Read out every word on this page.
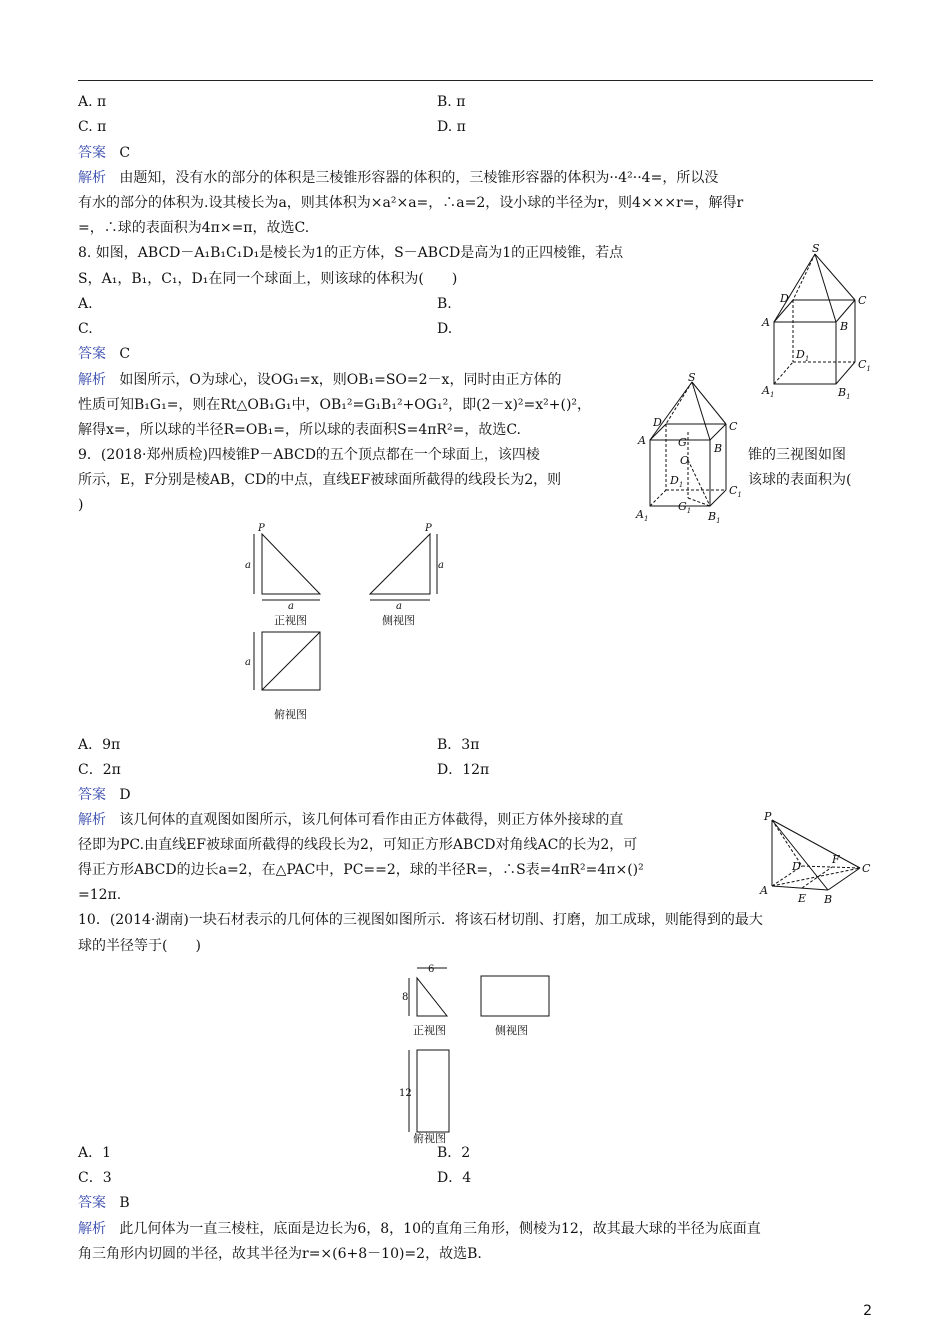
A. π	B. π
C. π	D. π
答案 C
解析 由题知，没有水的部分的体积是三棱锥形容器的体积的，三棱锥形容器的体积为··4²··4=，所以没
有水的部分的体积为.设其棱长为a，则其体积为×a²×a=，∴a=2，设小球的半径为r，则4×××r=，解得r
=，∴球的表面积为4π×=π，故选C.
8. 如图，ABCD－A₁B₁C₁D₁是棱长为1的正方体，S－ABCD是高为1的正四棱锥，若点
S，A₁，B₁，C₁，D₁在同一个球面上，则该球的体积为(　　)
A.	B.
C.	D.
答案 C
解析 如图所示，O为球心，设OG₁=x，则OB₁=SO=2－x，同时由正方体的
性质可知B₁G₁=，则在Rt△OB₁G₁中，OB₁²=G₁B₁²+OG₁²，即(2－x)²=x²+()²，
解得x=，所以球的半径R=OB₁=，所以球的表面积S=4πR²=，故选C.
S
A	B
C
D
$D_1$	$C_1$
$A_1$	$B_1$
S
A
B
C
D
G
O
$D_1$	$C_1$
$A_1$
$G_1$ $B_1$
9．(2018·郑州质检)四棱锥P－ABCD的五个顶点都在一个球面上，该四棱	锥的三视图如图
所示，E，F分别是棱AB，CD的中点，直线EF被球面所截得的线段长为2，则	该球的表面积为(
)
P	P
a
a
a
a
a
正视图	侧视图
俯视图
A．9π	B．3π
C．2π	D．12π
答案 D
解析 该几何体的直观图如图所示，该几何体可看作由正方体截得，则正方体外接球的直
径即为PC.由直线EF被球面所截得的线段长为2，可知正方形ABCD对角线AC的长为2，可
得正方形ABCD的边长a=2，在△PAC中，PC==2，球的半径R=，∴S表=4πR²=4π×()²
=12π.
P
A
B
C
D
E
F
10．(2014·湖南)一块石材表示的几何体的三视图如图所示．将该石材切削、打磨，加工成球，则能得到的最大
球的半径等于(　　)
6
8
12
正视图	侧视图
俯视图
A．1	B．2
C．3	D．4
答案 B
解析 此几何体为一直三棱柱，底面是边长为6，8，10的直角三角形，侧棱为12，故其最大球的半径为底面直
角三角形内切圆的半径，故其半径为r=×(6+8－10)=2，故选B.
2
